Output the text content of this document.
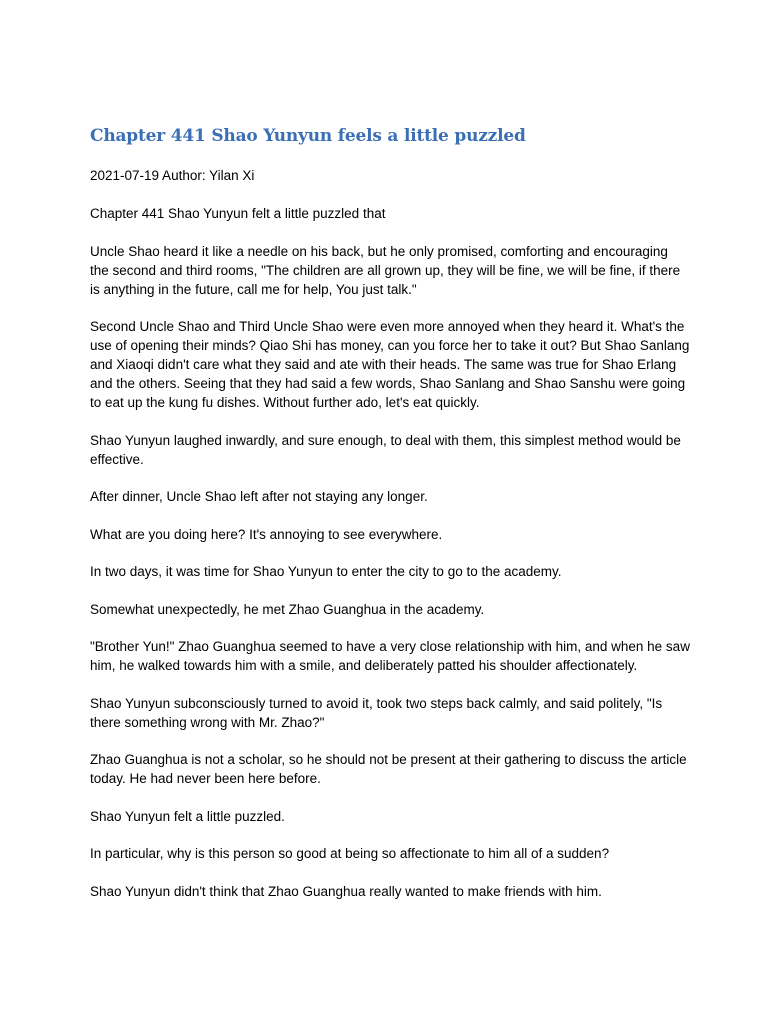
Chapter 441 Shao Yunyun feels a little puzzled

2021-07-19 Author: Yilan Xi

Chapter 441 Shao Yunyun felt a little puzzled that

Uncle Shao heard it like a needle on his back, but he only promised, comforting and encouraging the second and third rooms, "The children are all grown up, they will be fine, we will be fine, if there is anything in the future, call me for help, You just talk."

Second Uncle Shao and Third Uncle Shao were even more annoyed when they heard it. What's the use of opening their minds? Qiao Shi has money, can you force her to take it out? But Shao Sanlang and Xiaoqi didn't care what they said and ate with their heads. The same was true for Shao Erlang and the others. Seeing that they had said a few words, Shao Sanlang and Shao Sanshu were going to eat up the kung fu dishes. Without further ado, let's eat quickly.

Shao Yunyun laughed inwardly, and sure enough, to deal with them, this simplest method would be effective.

After dinner, Uncle Shao left after not staying any longer.

What are you doing here? It's annoying to see everywhere.

In two days, it was time for Shao Yunyun to enter the city to go to the academy.

Somewhat unexpectedly, he met Zhao Guanghua in the academy.

"Brother Yun!" Zhao Guanghua seemed to have a very close relationship with him, and when he saw him, he walked towards him with a smile, and deliberately patted his shoulder affectionately.

Shao Yunyun subconsciously turned to avoid it, took two steps back calmly, and said politely, "Is there something wrong with Mr. Zhao?"

Zhao Guanghua is not a scholar, so he should not be present at their gathering to discuss the article today. He had never been here before.

Shao Yunyun felt a little puzzled.

In particular, why is this person so good at being so affectionate to him all of a sudden?

Shao Yunyun didn't think that Zhao Guanghua really wanted to make friends with him.
